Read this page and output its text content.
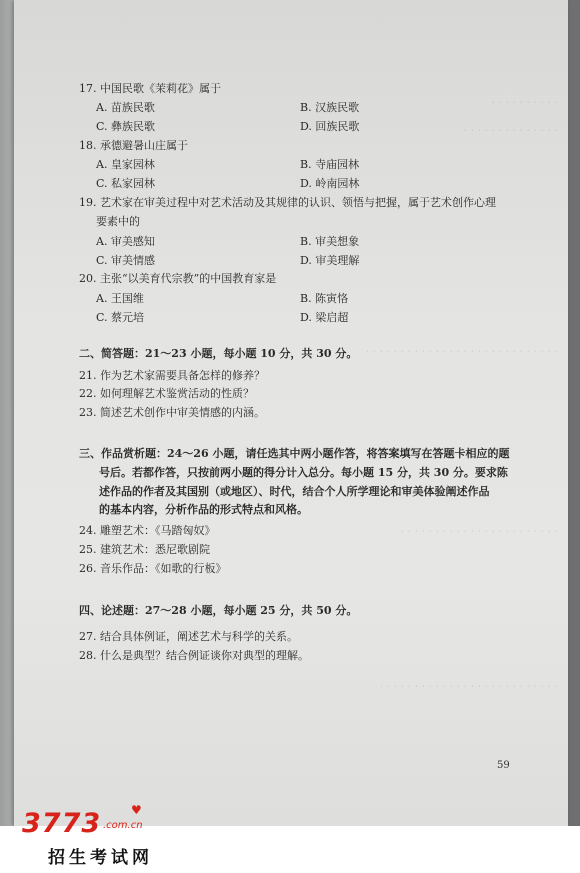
· · · · · · · · · ·
· · · · · · · · · · · · · ·
· · · · · · · · · · · · · · · · · · · · · · · · · · · ·
· · · · · · · · · · · · · · · · · · · · · · ·
· · · · · · · · · · · · · · · · · · · · · · · · · ·
17. 中国民歌《茉莉花》属于
A. 苗族民歌	B. 汉族民歌
C. 彝族民歌	D. 回族民歌
18. 承德避暑山庄属于
A. 皇家园林	B. 寺庙园林
C. 私家园林	D. 岭南园林
19. 艺术家在审美过程中对艺术活动及其规律的认识、领悟与把握，属于艺术创作心理
要素中的
A. 审美感知	B. 审美想象
C. 审美情感	D. 审美理解
20. 主张“以美育代宗教”的中国教育家是
A. 王国维	B. 陈寅恪
C. 蔡元培	D. 梁启超
二、简答题：21～23 小题，每小题 10 分，共 30 分。
21. 作为艺术家需要具备怎样的修养？
22. 如何理解艺术鉴赏活动的性质？
23. 简述艺术创作中审美情感的内涵。
三、作品赏析题：24～26 小题，请任选其中两小题作答，将答案填写在答题卡相应的题
号后。若都作答，只按前两小题的得分计入总分。每小题 15 分，共 30 分。要求陈
述作品的作者及其国别（或地区）、时代，结合个人所学理论和审美体验阐述作品
的基本内容，分析作品的形式特点和风格。
24. 雕塑艺术：《马踏匈奴》
25. 建筑艺术：悉尼歌剧院
26. 音乐作品：《如歌的行板》
四、论述题：27～28 小题，每小题 25 分，共 50 分。
27. 结合具体例证，阐述艺术与科学的关系。
28. 什么是典型？结合例证谈你对典型的理解。
59
3773 ♥
.com.cn
招生考试网
